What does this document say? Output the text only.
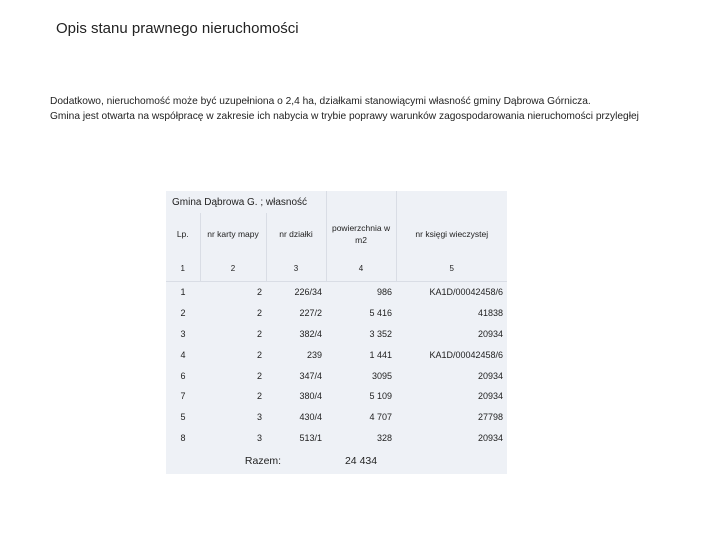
Opis stanu prawnego nieruchomości
Dodatkowo, nieruchomość może być uzupełniona o 2,4 ha, działkami stanowiącymi własność gminy Dąbrowa Górnicza.
Gmina jest otwarta na współpracę w zakresie ich nabycia w trybie poprawy warunków zagospodarowania nieruchomości przyległej
Gmina Dąbrowa G. ; własność				
Lp.	nr karty mapy	nr działki	powierzchnia w m2	nr księgi wieczystej
1	2	3	4	5
1	2	226/34	986	KA1D/00042458/6
2	2	227/2	5 416	41838
3	2	382/4	3 352	20934
4	2	239	1 441	KA1D/00042458/6
6	2	347/4	3095	20934
7	2	380/4	5 109	20934
5	3	430/4	4 707	27798
8	3	513/1	328	20934
	Razem:		24 434	
